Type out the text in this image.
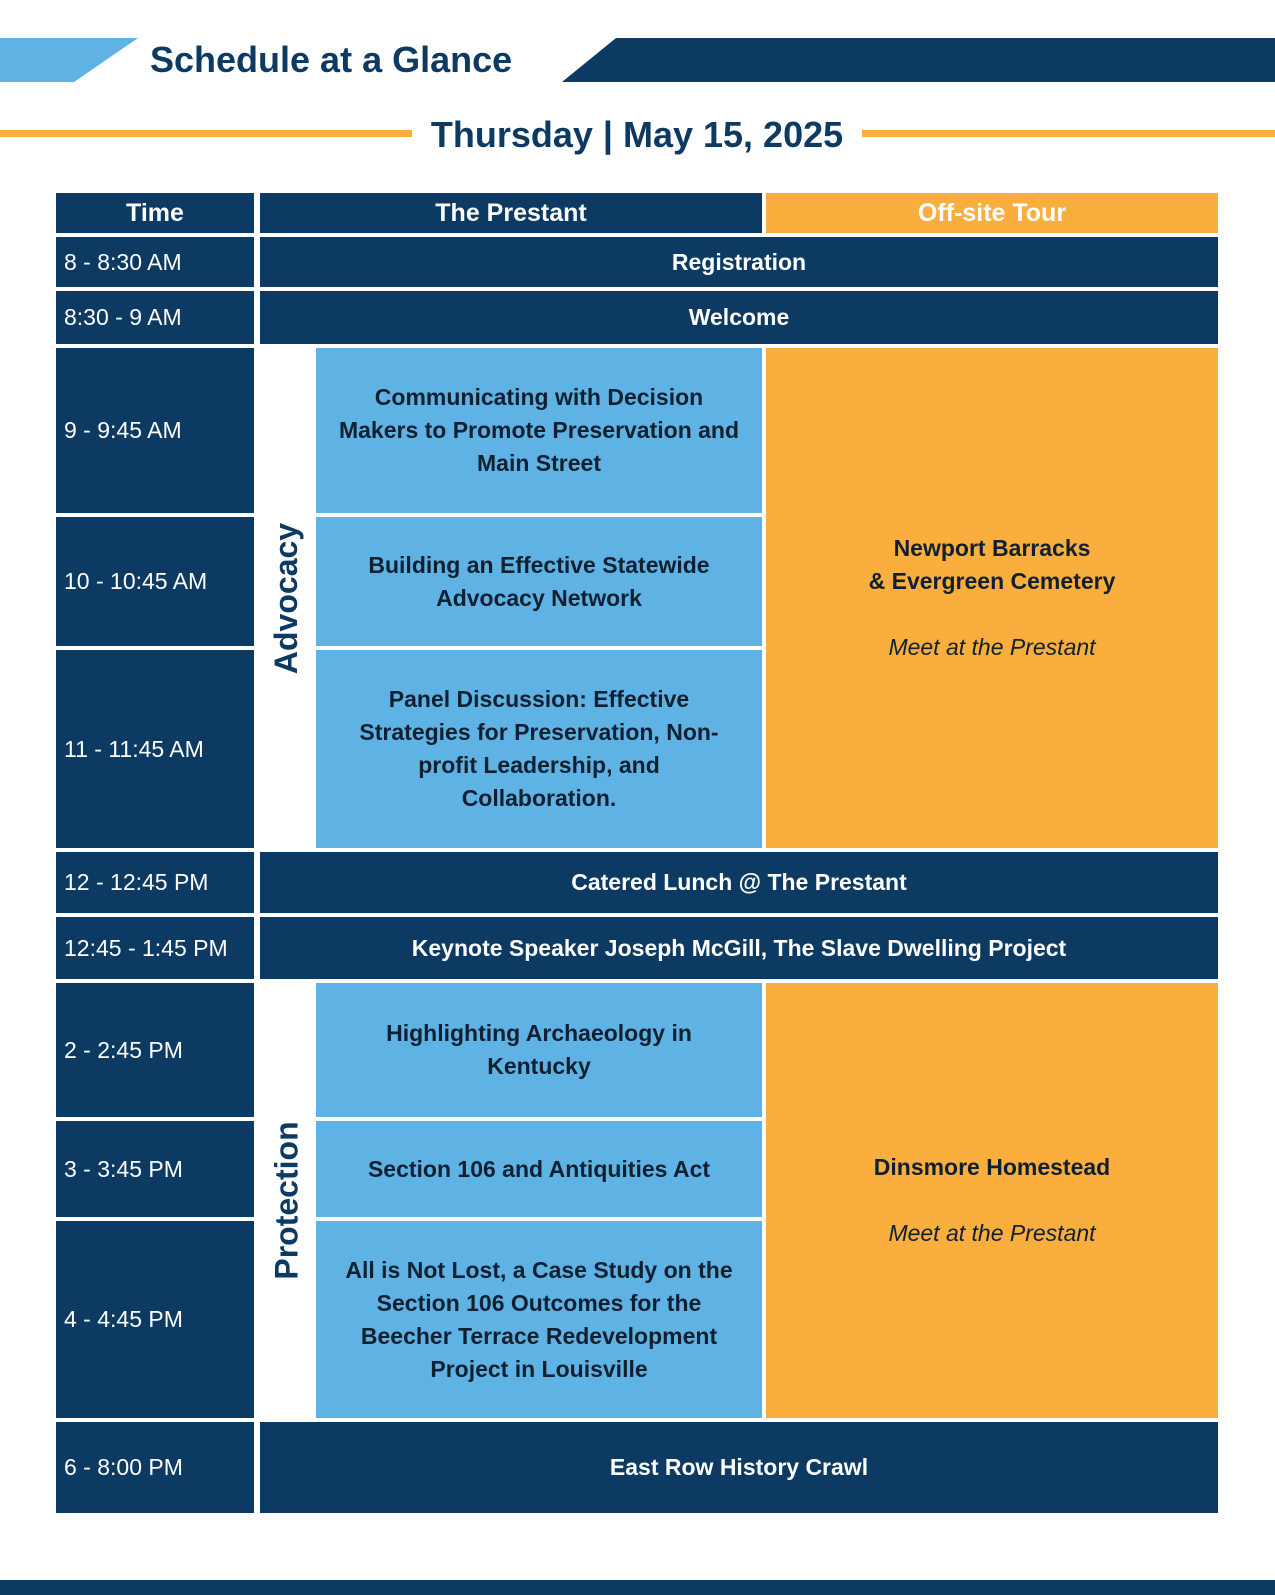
Schedule at a Glance
Thursday | May 15, 2025
Time	The Prestant	Off-site Tour
8 - 8:30 AM
8:30 - 9 AM
9 - 9:45 AM
10 - 10:45 AM
11 - 11:45 AM
12 - 12:45 PM
12:45 - 1:45 PM
2 - 2:45 PM
3 - 3:45 PM
4 - 4:45 PM
6 - 8:00 PM
Registration
Welcome
Catered Lunch @ The Prestant
Keynote Speaker Joseph McGill, The Slave Dwelling Project
East Row History Crawl
Advocacy
Protection
Communicating with Decision Makers to Promote Preservation and Main Street
Building an Effective Statewide Advocacy Network
Panel Discussion: Effective Strategies for Preservation, Non-profit Leadership, and Collaboration.
Highlighting Archaeology in Kentucky
Section 106 and Antiquities Act
All is Not Lost, a Case Study on the Section 106 Outcomes for the Beecher Terrace Redevelopment Project in Louisville
Newport Barracks
& Evergreen Cemetery
Meet at the Prestant
Dinsmore Homestead
Meet at the Prestant
